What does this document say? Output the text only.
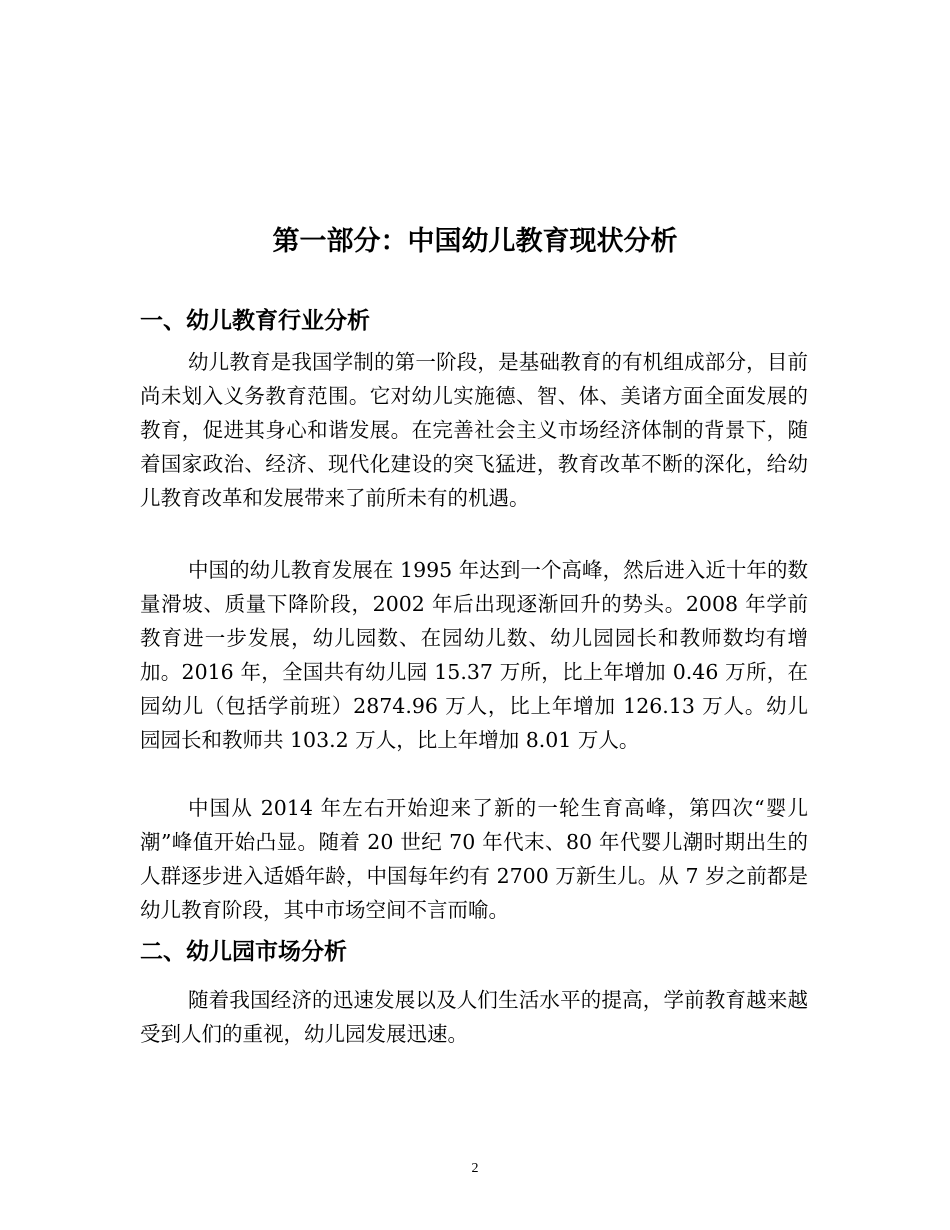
第一部分：中国幼儿教育现状分析
一、幼儿教育行业分析

幼儿教育是我国学制的第一阶段，是基础教育的有机组成部分，目前尚未划入义务教育范围。它对幼儿实施德、智、体、美诸方面全面发展的教育，促进其身心和谐发展。在完善社会主义市场经济体制的背景下，随着国家政治、经济、现代化建设的突飞猛进，教育改革不断的深化，给幼儿教育改革和发展带来了前所未有的机遇。

中国的幼儿教育发展在 1995 年达到一个高峰，然后进入近十年的数量滑坡、质量下降阶段，2002 年后出现逐渐回升的势头。2008 年学前教育进一步发展，幼儿园数、在园幼儿数、幼儿园园长和教师数均有增加。2016 年，全国共有幼儿园 15.37 万所，比上年增加 0.46 万所，在园幼儿（包括学前班）2874.96 万人，比上年增加 126.13 万人。幼儿园园长和教师共 103.2 万人，比上年增加 8.01 万人。

中国从 2014 年左右开始迎来了新的一轮生育高峰，第四次“婴儿潮”峰值开始凸显。随着 20 世纪 70 年代末、80 年代婴儿潮时期出生的人群逐步进入适婚年龄，中国每年约有 2700 万新生儿。从 7 岁之前都是幼儿教育阶段，其中市场空间不言而喻。

二、幼儿园市场分析

随着我国经济的迅速发展以及人们生活水平的提高，学前教育越来越受到人们的重视，幼儿园发展迅速。

2
